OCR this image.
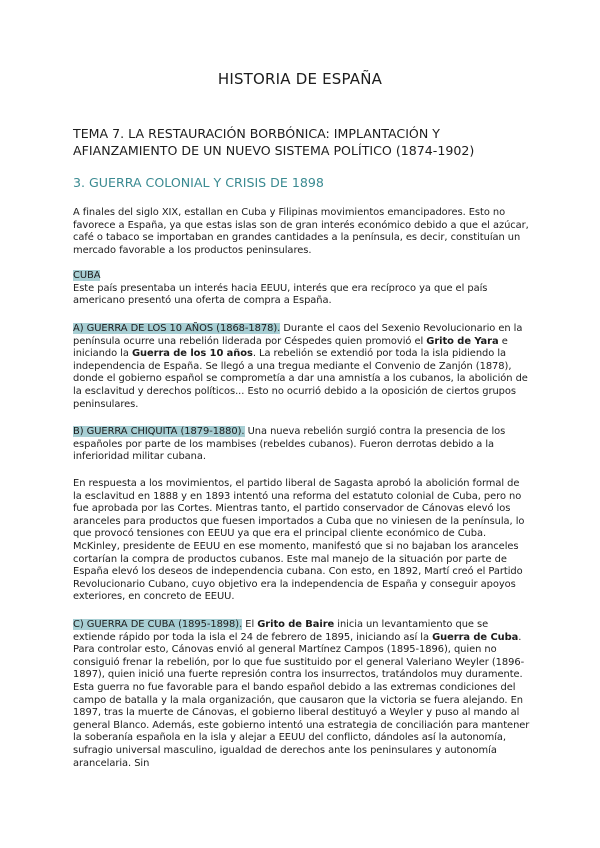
HISTORIA DE ESPAÑA
TEMA 7. LA RESTAURACIÓN BORBÓNICA: IMPLANTACIÓN Y AFIANZAMIENTO DE UN NUEVO SISTEMA POLÍTICO (1874-1902)
3. GUERRA COLONIAL Y CRISIS DE 1898

A finales del siglo XIX, estallan en Cuba y Filipinas movimientos emancipadores. Esto no favorece a España, ya que estas islas son de gran interés económico debido a que el azúcar, café o tabaco se importaban en grandes cantidades a la península, es decir, constituían un mercado favorable a los productos peninsulares.

CUBA

Este país presentaba un interés hacia EEUU, interés que era recíproco ya que el país americano presentó una oferta de compra a España.

A) GUERRA DE LOS 10 AÑOS (1868-1878). Durante el caos del Sexenio Revolucionario en la península ocurre una rebelión liderada por Céspedes quien promovió el Grito de Yara e iniciando la Guerra de los 10 años. La rebelión se extendió por toda la isla pidiendo la independencia de España. Se llegó a una tregua mediante el Convenio de Zanjón (1878), donde el gobierno español se comprometía a dar una amnistía a los cubanos, la abolición de la esclavitud y derechos políticos... Esto no ocurrió debido a la oposición de ciertos grupos peninsulares.

B) GUERRA CHIQUITA (1879-1880). Una nueva rebelión surgió contra la presencia de los españoles por parte de los mambises (rebeldes cubanos). Fueron derrotas debido a la inferioridad militar cubana.

En respuesta a los movimientos, el partido liberal de Sagasta aprobó la abolición formal de la esclavitud en 1888 y en 1893 intentó una reforma del estatuto colonial de Cuba, pero no fue aprobada por las Cortes. Mientras tanto, el partido conservador de Cánovas elevó los aranceles para productos que fuesen importados a Cuba que no viniesen de la península, lo que provocó tensiones con EEUU ya que era el principal cliente económico de Cuba. McKinley, presidente de EEUU en ese momento, manifestó que si no bajaban los aranceles cortarían la compra de productos cubanos. Este mal manejo de la situación por parte de España elevó los deseos de independencia cubana. Con esto, en 1892, Martí creó el Partido Revolucionario Cubano, cuyo objetivo era la independencia de España y conseguir apoyos exteriores, en concreto de EEUU.

C) GUERRA DE CUBA (1895-1898). El Grito de Baire inicia un levantamiento que se extiende rápido por toda la isla el 24 de febrero de 1895, iniciando así la Guerra de Cuba. Para controlar esto, Cánovas envió al general Martínez Campos (1895-1896), quien no consiguió frenar la rebelión, por lo que fue sustituido por el general Valeriano Weyler (1896-1897), quien inició una fuerte represión contra los insurrectos, tratándolos muy duramente. Esta guerra no fue favorable para el bando español debido a las extremas condiciones del campo de batalla y la mala organización, que causaron que la victoria se fuera alejando. En 1897, tras la muerte de Cánovas, el gobierno liberal destituyó a Weyler y puso al mando al general Blanco. Además, este gobierno intentó una estrategia de conciliación para mantener la soberanía española en la isla y alejar a EEUU del conflicto, dándoles así la autonomía, sufragio universal masculino, igualdad de derechos ante los peninsulares y autonomía arancelaria. Sin
